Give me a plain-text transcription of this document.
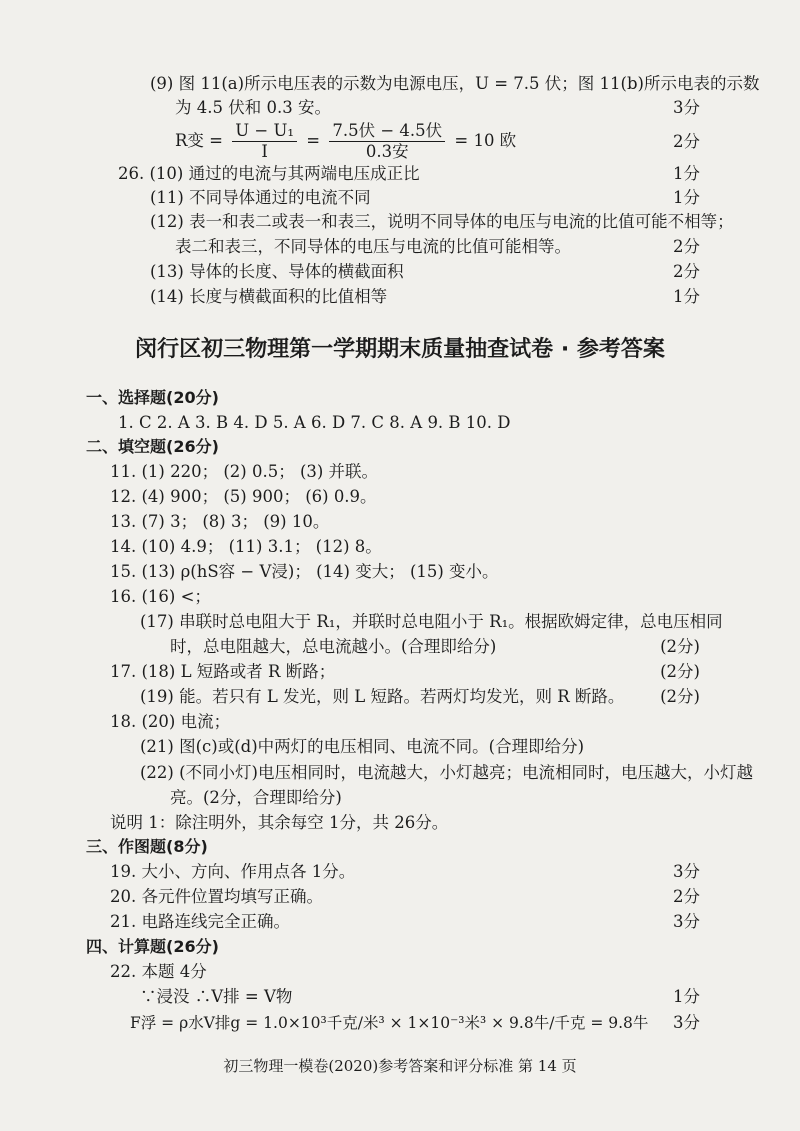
(9) 图 11(a)所示电压表的示数为电源电压，U = 7.5 伏；图 11(b)所示电表的示数
为 4.5 伏和 0.3 安。	3分
R变 = $\frac{\text{U − U₁}}{I} = \frac{\text{7.5伏 − 4.5伏}}{\text{0.3安}} = 10$ 欧	2分
26. (10) 通过的电流与其两端电压成正比	1分
(11) 不同导体通过的电流不同	1分
(12) 表一和表二或表一和表三，说明不同导体的电压与电流的比值可能不相等；
表二和表三，不同导体的电压与电流的比值可能相等。	2分
(13) 导体的长度、导体的横截面积	2分
(14) 长度与横截面积的比值相等	1分
闵行区初三物理第一学期期末质量抽查试卷 · 参考答案
一、选择题(20分)
1. C 2. A 3. B 4. D 5. A 6. D 7. C 8. A 9. B 10. D
二、填空题(26分)
11. (1) 220； (2) 0.5； (3) 并联。
12. (4) 900； (5) 900； (6) 0.9。
13. (7) 3； (8) 3； (9) 10。
14. (10) 4.9； (11) 3.1； (12) 8。
15. (13) ρ(hS容 − V浸)； (14) 变大； (15) 变小。
16. (16) <；
(17) 串联时总电阻大于 R₁，并联时总电阻小于 R₁。根据欧姆定律，总电压相同
时，总电阻越大，总电流越小。(合理即给分)	(2分)
17. (18) L 短路或者 R 断路；	(2分)
(19) 能。若只有 L 发光，则 L 短路。若两灯均发光，则 R 断路。 (2分)
18. (20) 电流；
(21) 图(c)或(d)中两灯的电压相同、电流不同。(合理即给分)
(22) (不同小灯)电压相同时，电流越大，小灯越亮；电流相同时，电压越大，小灯越
亮。(2分，合理即给分)
说明 1：除注明外，其余每空 1分，共 26分。
三、作图题(8分)
19. 大小、方向、作用点各 1分。	3分
20. 各元件位置均填写正确。	2分
21. 电路连线完全正确。	3分
四、计算题(26分)
22. 本题 4分
∵浸没 ∴V排 = V物	1分
F浮 = ρ水V排g = 1.0×10³千克/米³ × 1×10⁻³米³ × 9.8牛/千克 = 9.8牛 3分
初三物理一模卷(2020)参考答案和评分标准 第 14 页
